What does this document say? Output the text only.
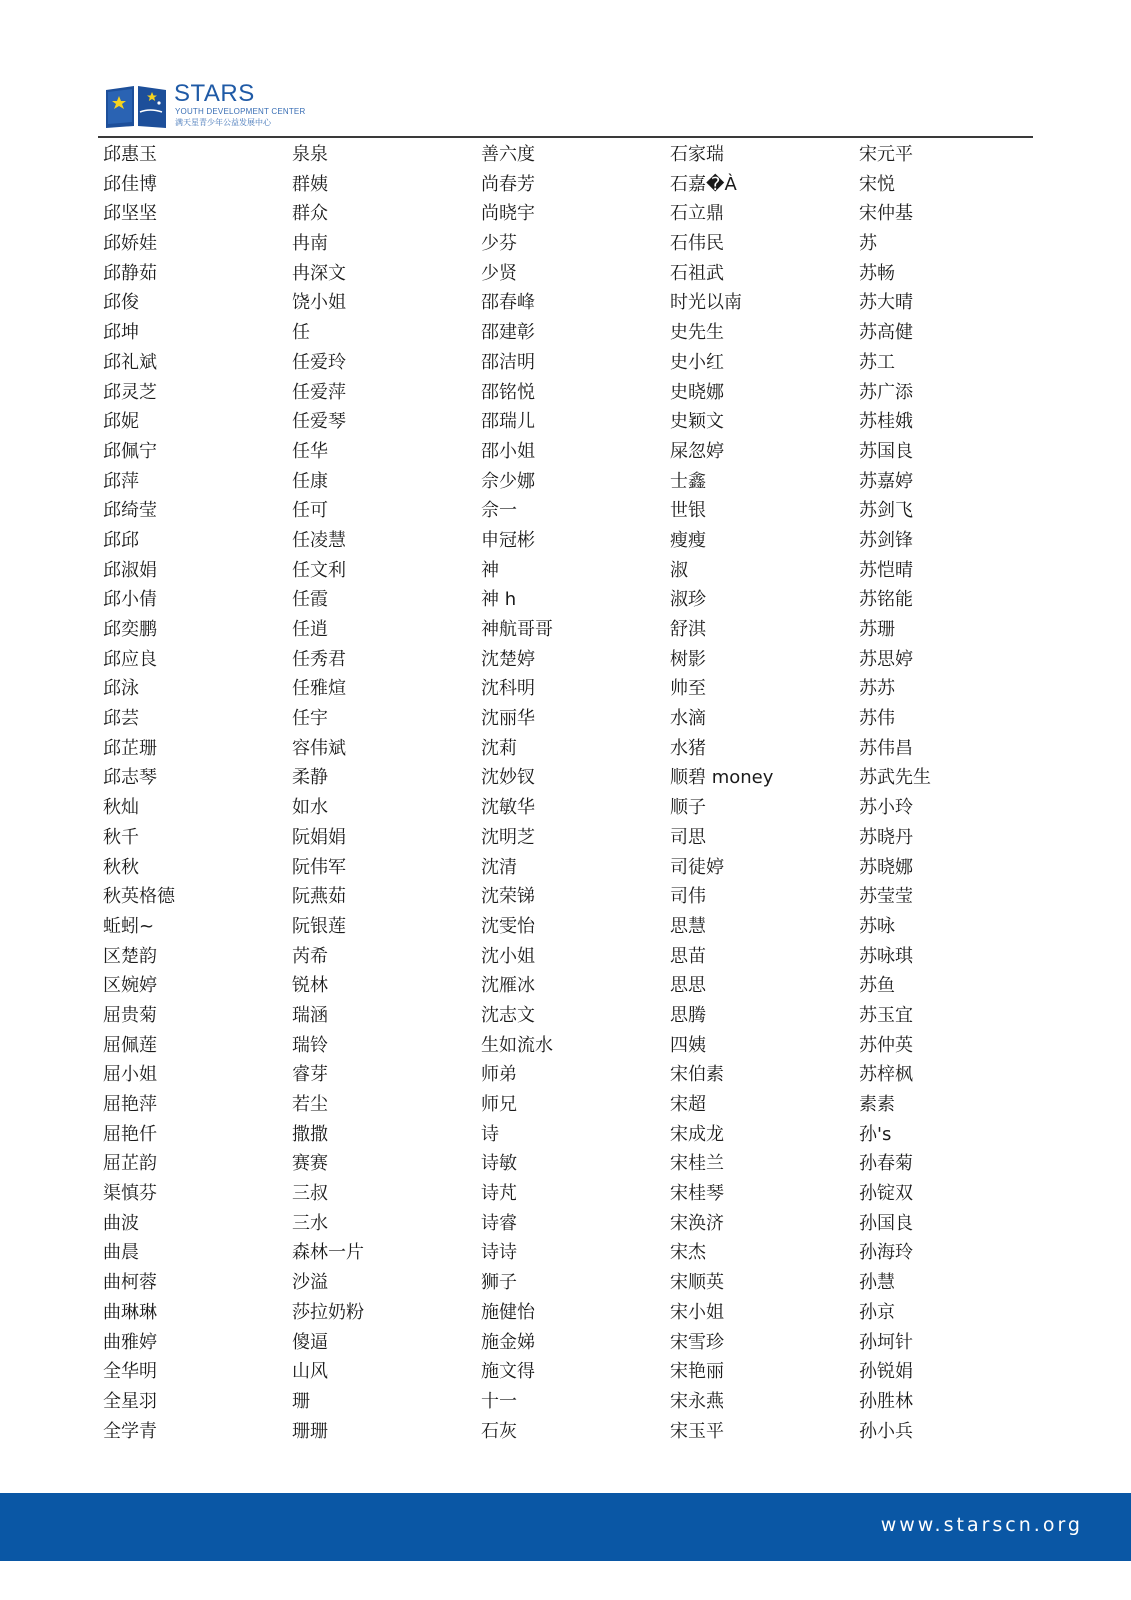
STARS
YOUTH DEVELOPMENT CENTER
满天星青少年公益发展中心
邱惠玉
邱佳博
邱坚坚
邱娇娃
邱静茹
邱俊
邱坤
邱礼斌
邱灵芝
邱妮
邱佩宁
邱萍
邱绮莹
邱邱
邱淑娟
邱小倩
邱奕鹏
邱应良
邱泳
邱芸
邱芷珊
邱志琴
秋灿
秋千
秋秋
秋英格德
蚯蚓~
区楚韵
区婉婷
屈贵菊
屈佩莲
屈小姐
屈艳萍
屈艳仟
屈芷韵
渠慎芬
曲波
曲晨
曲柯蓉
曲琳琳
曲雅婷
全华明
全星羽
全学青
泉泉
群姨
群众
冉南
冉深文
饶小姐
任
任爱玲
任爱萍
任爱琴
任华
任康
任可
任凌慧
任文利
任霞
任逍
任秀君
任雅煊
任宇
容伟斌
柔静
如水
阮娟娟
阮伟军
阮燕茹
阮银莲
芮希
锐林
瑞涵
瑞铃
睿芽
若尘
撒撒
赛赛
三叔
三水
森林一片
沙溢
莎拉奶粉
傻逼
山风
珊
珊珊
善六度
尚春芳
尚晓宇
少芬
少贤
邵春峰
邵建彰
邵洁明
邵铭悦
邵瑞儿
邵小姐
佘少娜
佘一
申冠彬
神
神 h
神航哥哥
沈楚婷
沈科明
沈丽华
沈莉
沈妙钗
沈敏华
沈明芝
沈清
沈荣锑
沈雯怡
沈小姐
沈雁冰
沈志文
生如流水
师弟
师兄
诗
诗敏
诗芃
诗睿
诗诗
狮子
施健怡
施金娣
施文得
十一
石灰
石家瑞
石嘉�À
石立鼎
石伟民
石祖武
时光以南
史先生
史小红
史晓娜
史颖文
屎忽婷
士鑫
世银
瘦瘦
淑
淑珍
舒淇
树影
帅至
水滴
水猪
顺碧 money
顺子
司思
司徒婷
司伟
思慧
思苗
思思
思腾
四姨
宋伯素
宋超
宋成龙
宋桂兰
宋桂琴
宋涣济
宋杰
宋顺英
宋小姐
宋雪珍
宋艳丽
宋永燕
宋玉平
宋元平
宋悦
宋仲基
苏
苏畅
苏大晴
苏高健
苏工
苏广添
苏桂娥
苏国良
苏嘉婷
苏剑飞
苏剑锋
苏恺晴
苏铭能
苏珊
苏思婷
苏苏
苏伟
苏伟昌
苏武先生
苏小玲
苏晓丹
苏晓娜
苏莹莹
苏咏
苏咏琪
苏鱼
苏玉宜
苏仲英
苏梓枫
素素
孙's
孙春菊
孙锭双
孙国良
孙海玲
孙慧
孙京
孙坷针
孙锐娟
孙胜林
孙小兵
www.starscn.org
